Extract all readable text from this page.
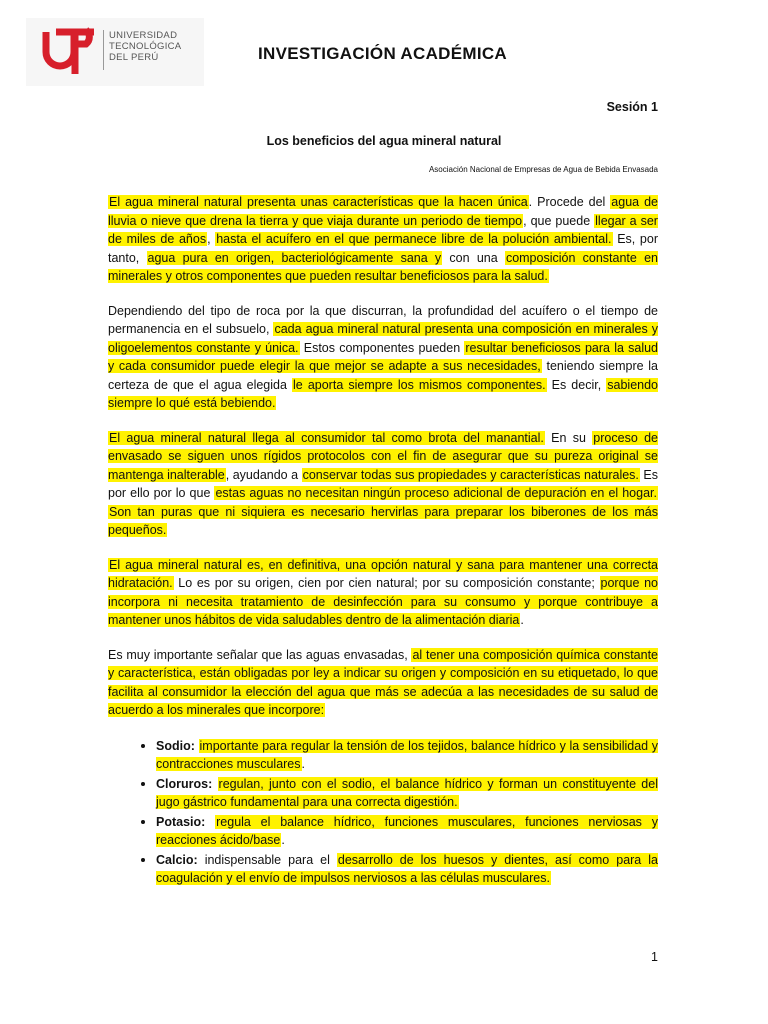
UNIVERSIDAD
TECNOLÓGICA
DEL PERÚ	INVESTIGACIÓN ACADÉMICA
Sesión 1
Los beneficios del agua mineral natural
Asociación Nacional de Empresas de Agua de Bebida Envasada

El agua mineral natural presenta unas características que la hacen única. Procede del agua de lluvia o nieve que drena la tierra y que viaja durante un periodo de tiempo, que puede llegar a ser de miles de años, hasta el acuífero en el que permanece libre de la polución ambiental. Es, por tanto, agua pura en origen, bacteriológicamente sana y con una composición constante en minerales y otros componentes que pueden resultar beneficiosos para la salud.

Dependiendo del tipo de roca por la que discurran, la profundidad del acuífero o el tiempo de permanencia en el subsuelo, cada agua mineral natural presenta una composición en minerales y oligoelementos constante y única. Estos componentes pueden resultar beneficiosos para la salud y cada consumidor puede elegir la que mejor se adapte a sus necesidades, teniendo siempre la certeza de que el agua elegida le aporta siempre los mismos componentes. Es decir, sabiendo siempre lo qué está bebiendo.

El agua mineral natural llega al consumidor tal como brota del manantial. En su proceso de envasado se siguen unos rígidos protocolos con el fin de asegurar que su pureza original se mantenga inalterable, ayudando a conservar todas sus propiedades y características naturales. Es por ello por lo que estas aguas no necesitan ningún proceso adicional de depuración en el hogar. Son tan puras que ni siquiera es necesario hervirlas para preparar los biberones de los más pequeños.

El agua mineral natural es, en definitiva, una opción natural y sana para mantener una correcta hidratación. Lo es por su origen, cien por cien natural; por su composición constante; porque no incorpora ni necesita tratamiento de desinfección para su consumo y porque contribuye a mantener unos hábitos de vida saludables dentro de la alimentación diaria.

Es muy importante señalar que las aguas envasadas, al tener una composición química constante y característica, están obligadas por ley a indicar su origen y composición en su etiquetado, lo que facilita al consumidor la elección del agua que más se adecúa a las necesidades de su salud de acuerdo a los minerales que incorpore:

• Sodio: importante para regular la tensión de los tejidos, balance hídrico y la sensibilidad y contracciones musculares.
• Cloruros: regulan, junto con el sodio, el balance hídrico y forman un constituyente del jugo gástrico fundamental para una correcta digestión.
• Potasio: regula el balance hídrico, funciones musculares, funciones nerviosas y reacciones ácido/base.
• Calcio: indispensable para el desarrollo de los huesos y dientes, así como para la coagulación y el envío de impulsos nerviosos a las células musculares.
1
